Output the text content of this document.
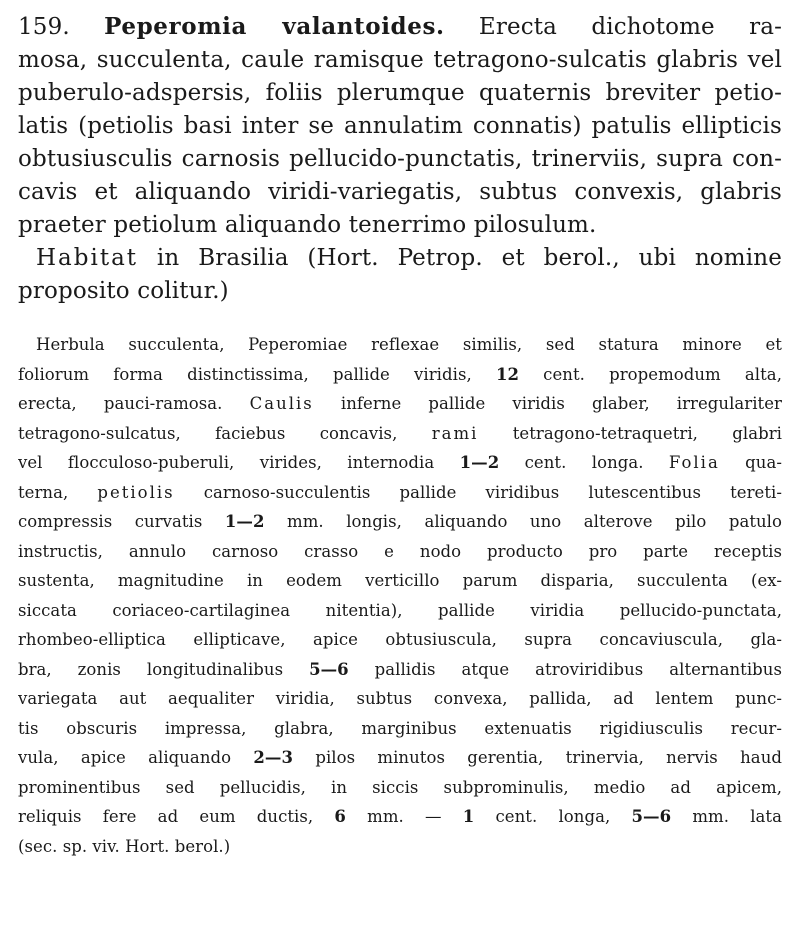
159. Peperomia valantoides. Erecta dichotome ra-
mosa, succulenta, caule ramisque tetragono-sulcatis glabris vel
puberulo-adspersis, foliis plerumque quaternis breviter petio-
latis (petiolis basi inter se annulatim connatis) patulis ellipticis
obtusiusculis carnosis pellucido-punctatis, trinerviis, supra con-
cavis et aliquando viridi-variegatis, subtus convexis, glabris
praeter petiolum aliquando tenerrimo pilosulum.
Habitat in Brasilia (Hort. Petrop. et berol., ubi nomine
proposito colitur.)
Herbula succulenta, Peperomiae reflexae similis, sed statura minore et
foliorum forma distinctissima, pallide viridis, 12 cent. propemodum alta,
erecta, pauci-ramosa. Caulis inferne pallide viridis glaber, irregulariter
tetragono-sulcatus, faciebus concavis, rami tetragono-tetraquetri, glabri
vel flocculoso-puberuli, virides, internodia 1—2 cent. longa. Folia qua-
terna, petiolis carnoso-succulentis pallide viridibus lutescentibus tereti-
compressis curvatis 1—2 mm. longis, aliquando uno alterove pilo patulo
instructis, annulo carnoso crasso e nodo producto pro parte receptis
sustenta, magnitudine in eodem verticillo parum disparia, succulenta (ex-
siccata coriaceo-cartilaginea nitentia), pallide viridia pellucido-punctata,
rhombeo-elliptica ellipticave, apice obtusiuscula, supra concaviuscula, gla-
bra, zonis longitudinalibus 5—6 pallidis atque atroviridibus alternantibus
variegata aut aequaliter viridia, subtus convexa, pallida, ad lentem punc-
tis obscuris impressa, glabra, marginibus extenuatis rigidiusculis recur-
vula, apice aliquando 2—3 pilos minutos gerentia, trinervia, nervis haud
prominentibus sed pellucidis, in siccis subprominulis, medio ad apicem,
reliquis fere ad eum ductis, 6 mm. — 1 cent. longa, 5—6 mm. lata
(sec. sp. viv. Hort. berol.)
